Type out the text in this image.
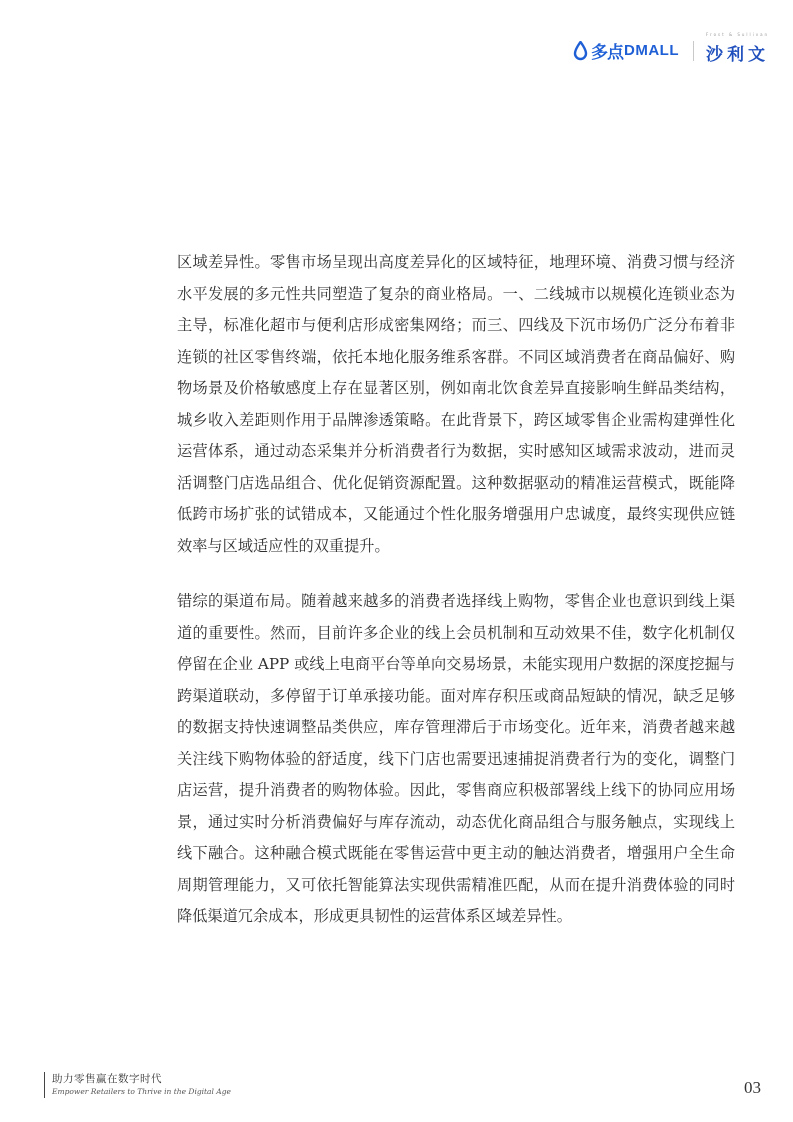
多点 DMALL
Frost & Sullivan
沙利文

区域差异性。零售市场呈现出高度差异化的区域特征，地理环境、消费习惯与经济水平发展的多元性共同塑造了复杂的商业格局。一、二线城市以规模化连锁业态为主导，标准化超市与便利店形成密集网络；而三、四线及下沉市场仍广泛分布着非连锁的社区零售终端，依托本地化服务维系客群。不同区域消费者在商品偏好、购物场景及价格敏感度上存在显著区别，例如南北饮食差异直接影响生鲜品类结构，城乡收入差距则作用于品牌渗透策略。在此背景下，跨区域零售企业需构建弹性化运营体系，通过动态采集并分析消费者行为数据，实时感知区域需求波动，进而灵活调整门店选品组合、优化促销资源配置。这种数据驱动的精准运营模式，既能降低跨市场扩张的试错成本，又能通过个性化服务增强用户忠诚度，最终实现供应链效率与区域适应性的双重提升。

错综的渠道布局。随着越来越多的消费者选择线上购物，零售企业也意识到线上渠道的重要性。然而，目前许多企业的线上会员机制和互动效果不佳，数字化机制仅停留在企业 APP 或线上电商平台等单向交易场景，未能实现用户数据的深度挖掘与跨渠道联动，多停留于订单承接功能。面对库存积压或商品短缺的情况，缺乏足够的数据支持快速调整品类供应，库存管理滞后于市场变化。近年来，消费者越来越关注线下购物体验的舒适度，线下门店也需要迅速捕捉消费者行为的变化，调整门店运营，提升消费者的购物体验。因此，零售商应积极部署线上线下的协同应用场景，通过实时分析消费偏好与库存流动，动态优化商品组合与服务触点，实现线上线下融合。这种融合模式既能在零售运营中更主动的触达消费者，增强用户全生命周期管理能力，又可依托智能算法实现供需精准匹配，从而在提升消费体验的同时降低渠道冗余成本，形成更具韧性的运营体系区域差异性。

助力零售赢在数字时代
Empower Retailers to Thrive in the Digital Age	03
